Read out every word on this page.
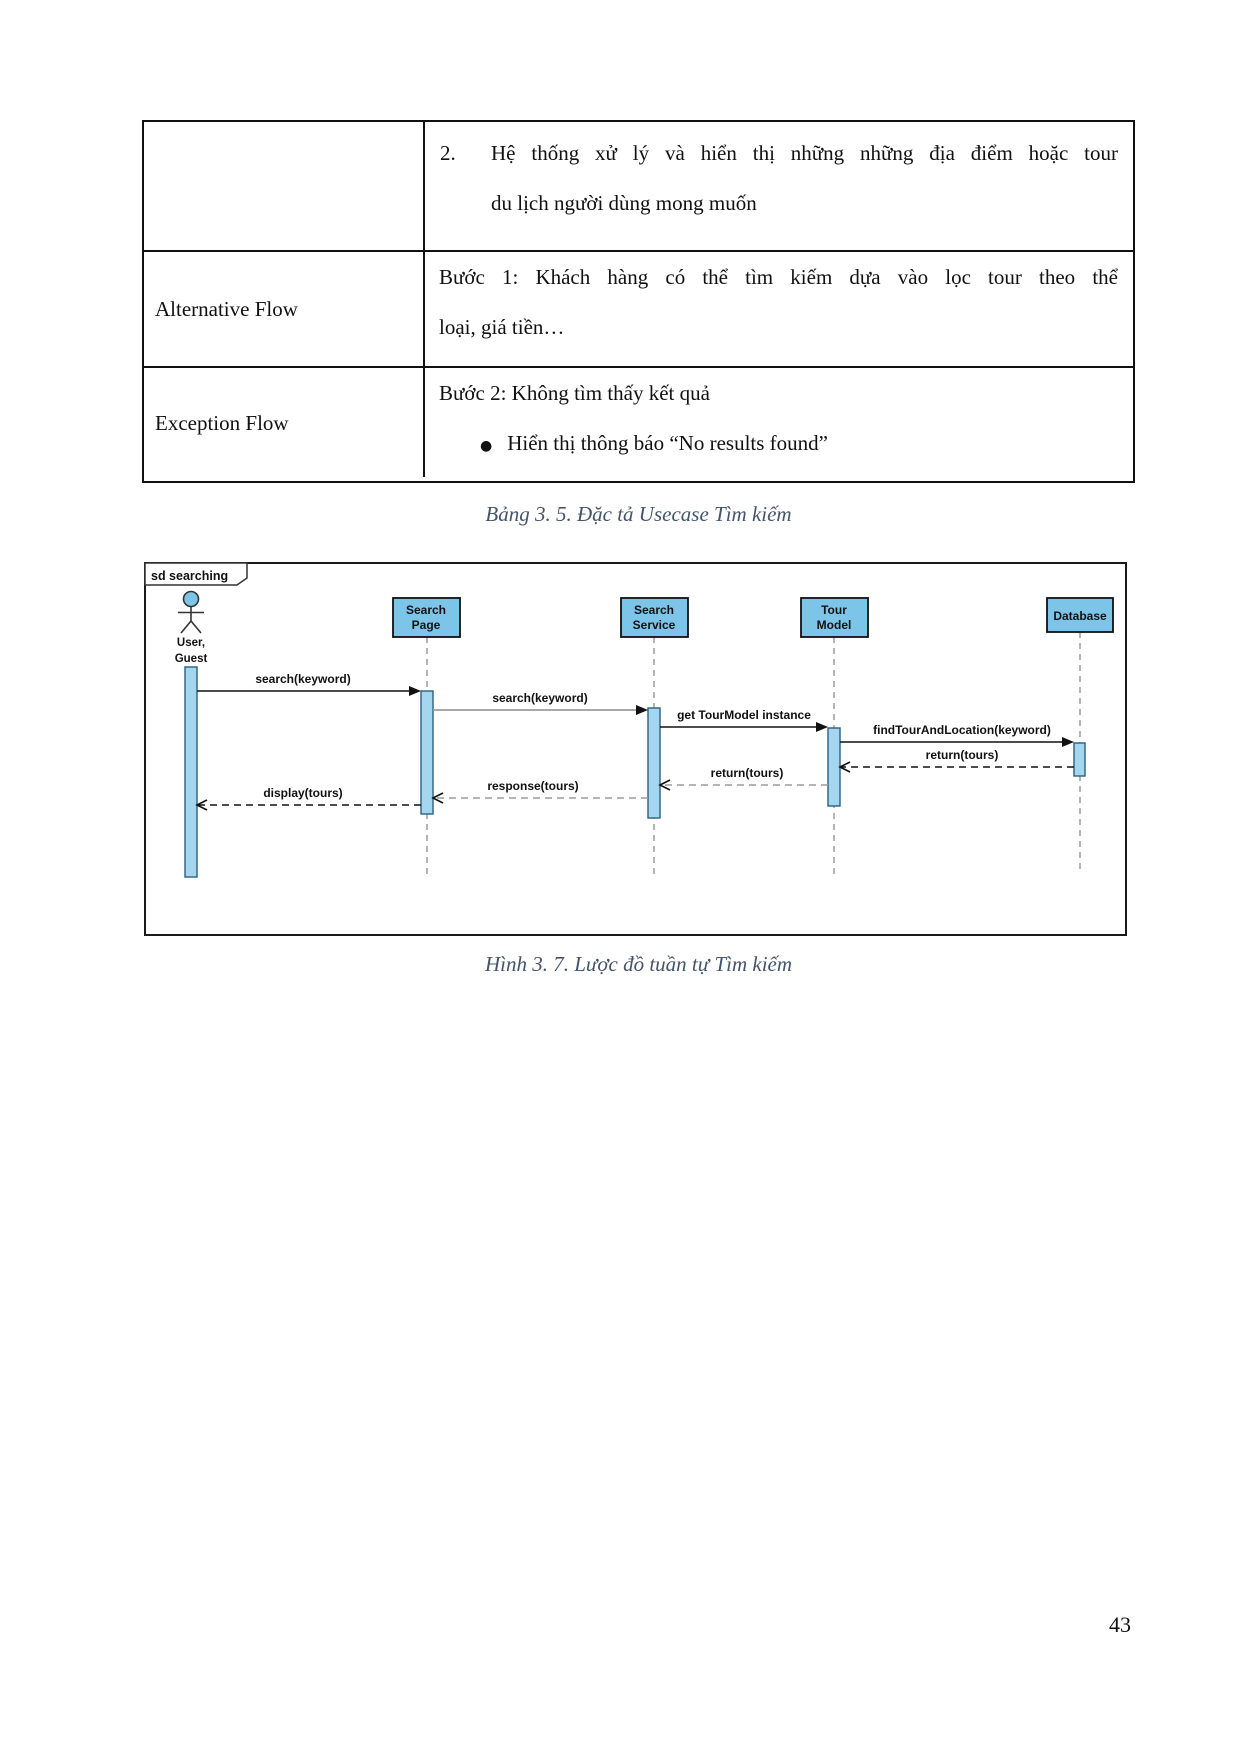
2. Hệ thống xử lý và hiển thị những những địa điểm hoặc tour
du lịch người dùng mong muốn
Alternative Flow
Bước 1: Khách hàng có thể tìm kiếm dựa vào lọc tour theo thể
loại, giá tiền…
Exception Flow
Bước 2: Không tìm thấy kết quả
● Hiển thị thông báo “No results found”
Bảng 3. 5. Đặc tả Usecase Tìm kiếm
sd searching
User,
Guest
Search
Page
Search
Service
Tour
Model
Database
search(keyword)
search(keyword)
get TourModel instance
findTourAndLocation(keyword)
return(tours)
return(tours)
response(tours)
display(tours)
Hình 3. 7. Lược đồ tuần tự Tìm kiếm
43
